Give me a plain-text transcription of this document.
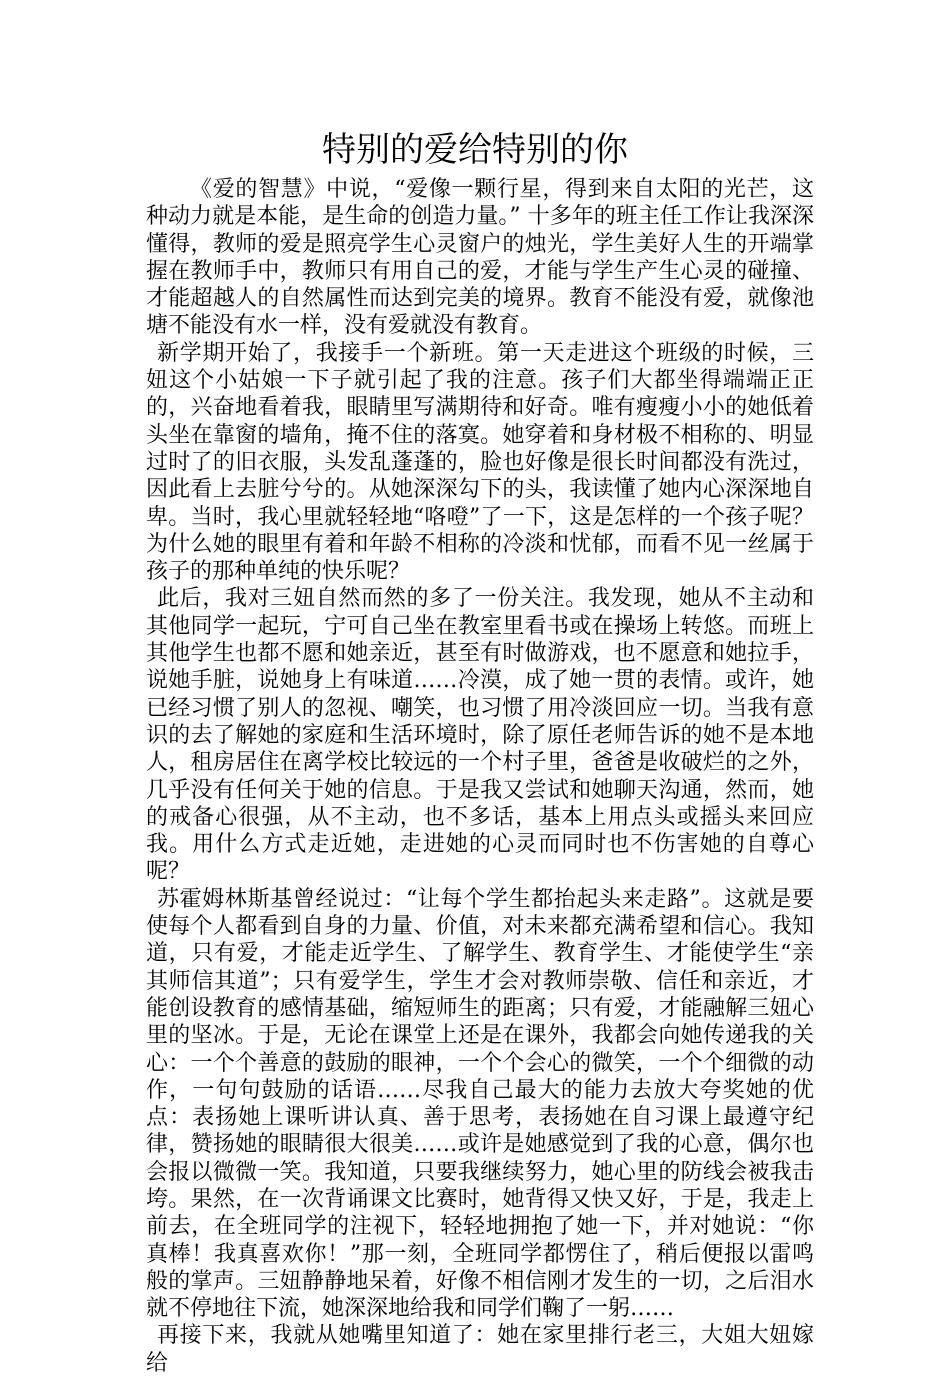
特别的爱给特别的你

《爱的智慧》中说，“爱像一颗行星，得到来自太阳的光芒，这种动力就是本能，是生命的创造力量。” 十多年的班主任工作让我深深懂得，教师的爱是照亮学生心灵窗户的烛光，学生美好人生的开端掌握在教师手中，教师只有用自己的爱，才能与学生产生心灵的碰撞、才能超越人的自然属性而达到完美的境界。教育不能没有爱，就像池塘不能没有水一样，没有爱就没有教育。

新学期开始了，我接手一个新班。第一天走进这个班级的时候，三妞这个小姑娘一下子就引起了我的注意。孩子们大都坐得端端正正的，兴奋地看着我，眼睛里写满期待和好奇。唯有瘦瘦小小的她低着头坐在靠窗的墙角，掩不住的落寞。她穿着和身材极不相称的、明显过时了的旧衣服，头发乱蓬蓬的，脸也好像是很长时间都没有洗过，因此看上去脏兮兮的。从她深深勾下的头，我读懂了她内心深深地自卑。当时，我心里就轻轻地“咯噔”了一下，这是怎样的一个孩子呢？为什么她的眼里有着和年龄不相称的冷淡和忧郁，而看不见一丝属于孩子的那种单纯的快乐呢？

此后，我对三妞自然而然的多了一份关注。我发现，她从不主动和其他同学一起玩，宁可自己坐在教室里看书或在操场上转悠。而班上其他学生也都不愿和她亲近，甚至有时做游戏，也不愿意和她拉手，说她手脏，说她身上有味道……冷漠，成了她一贯的表情。或许，她已经习惯了别人的忽视、嘲笑，也习惯了用冷淡回应一切。当我有意识的去了解她的家庭和生活环境时，除了原任老师告诉的她不是本地人，租房居住在离学校比较远的一个村子里，爸爸是收破烂的之外，几乎没有任何关于她的信息。于是我又尝试和她聊天沟通，然而，她的戒备心很强，从不主动，也不多话，基本上用点头或摇头来回应我。用什么方式走近她，走进她的心灵而同时也不伤害她的自尊心呢？

苏霍姆林斯基曾经说过：“让每个学生都抬起头来走路”。这就是要使每个人都看到自身的力量、价值，对未来都充满希望和信心。我知道，只有爱，才能走近学生、了解学生、教育学生、才能使学生“亲其师信其道”；只有爱学生，学生才会对教师崇敬、信任和亲近，才能创设教育的感情基础，缩短师生的距离；只有爱，才能融解三妞心里的坚冰。于是，无论在课堂上还是在课外，我都会向她传递我的关心：一个个善意的鼓励的眼神，一个个会心的微笑，一个个细微的动作，一句句鼓励的话语……尽我自己最大的能力去放大夸奖她的优点：表扬她上课听讲认真、善于思考，表扬她在自习课上最遵守纪律，赞扬她的眼睛很大很美……或许是她感觉到了我的心意，偶尔也会报以微微一笑。我知道，只要我继续努力，她心里的防线会被我击垮。果然，在一次背诵课文比赛时，她背得又快又好，于是，我走上前去，在全班同学的注视下，轻轻地拥抱了她一下，并对她说：“你真棒！我真喜欢你！”那一刻，全班同学都愣住了，稍后便报以雷鸣般的掌声。三妞静静地呆着，好像不相信刚才发生的一切，之后泪水就不停地往下流，她深深地给我和同学们鞠了一躬……

再接下来，我就从她嘴里知道了：她在家里排行老三，大姐大妞嫁给
